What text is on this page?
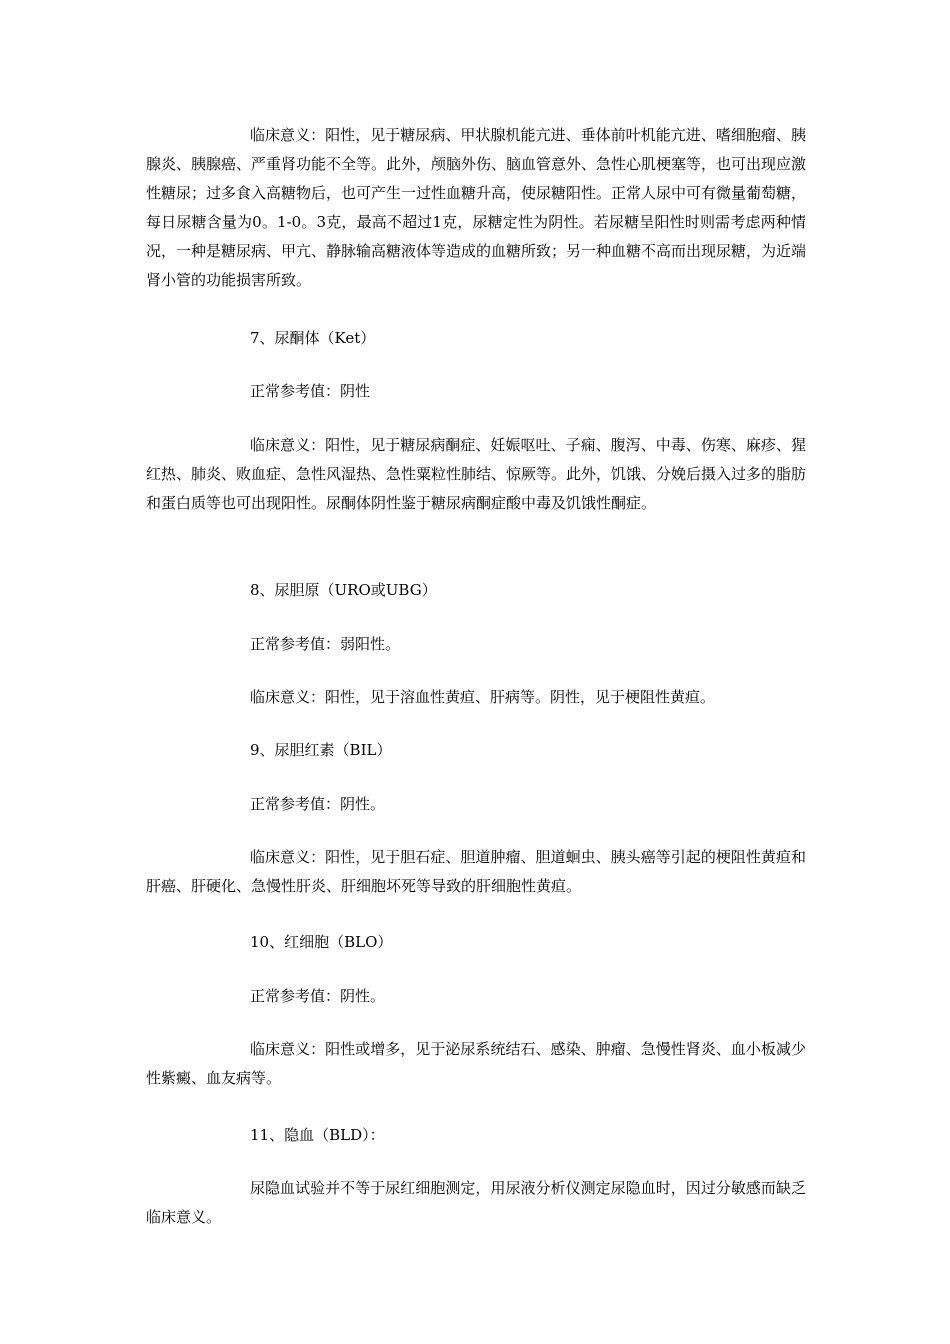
临床意义：阳性，见于糖尿病、甲状腺机能亢进、垂体前叶机能亢进、嗜细胞瘤、胰腺炎、胰腺癌、严重肾功能不全等。此外，颅脑外伤、脑血管意外、急性心肌梗塞等，也可出现应激性糖尿；过多食入高糖物后，也可产生一过性血糖升高，使尿糖阳性。正常人尿中可有微量葡萄糖，每日尿糖含量为0。1-0。3克，最高不超过1克，尿糖定性为阴性。若尿糖呈阳性时则需考虑两种情况，一种是糖尿病、甲亢、静脉输高糖液体等造成的血糖所致；另一种血糖不高而出现尿糖，为近端肾小管的功能损害所致。

7、尿酮体（Ket）

正常参考值：阴性

临床意义：阳性，见于糖尿病酮症、妊娠呕吐、子痫、腹泻、中毒、伤寒、麻疹、猩红热、肺炎、败血症、急性风湿热、急性粟粒性肺结、惊厥等。此外，饥饿、分娩后摄入过多的脂肪和蛋白质等也可出现阳性。尿酮体阴性鉴于糖尿病酮症酸中毒及饥饿性酮症。

8、尿胆原（URO或UBG）

正常参考值：弱阳性。

临床意义：阳性，见于溶血性黄疸、肝病等。阴性，见于梗阻性黄疸。

9、尿胆红素（BIL）

正常参考值：阴性。

临床意义：阳性，见于胆石症、胆道肿瘤、胆道蛔虫、胰头癌等引起的梗阻性黄疸和肝癌、肝硬化、急慢性肝炎、肝细胞坏死等导致的肝细胞性黄疸。

10、红细胞（BLO）

正常参考值：阴性。

临床意义：阳性或增多，见于泌尿系统结石、感染、肿瘤、急慢性肾炎、血小板减少性紫癜、血友病等。

11、隐血（BLD）：

尿隐血试验并不等于尿红细胞测定，用尿液分析仪测定尿隐血时，因过分敏感而缺乏临床意义。
